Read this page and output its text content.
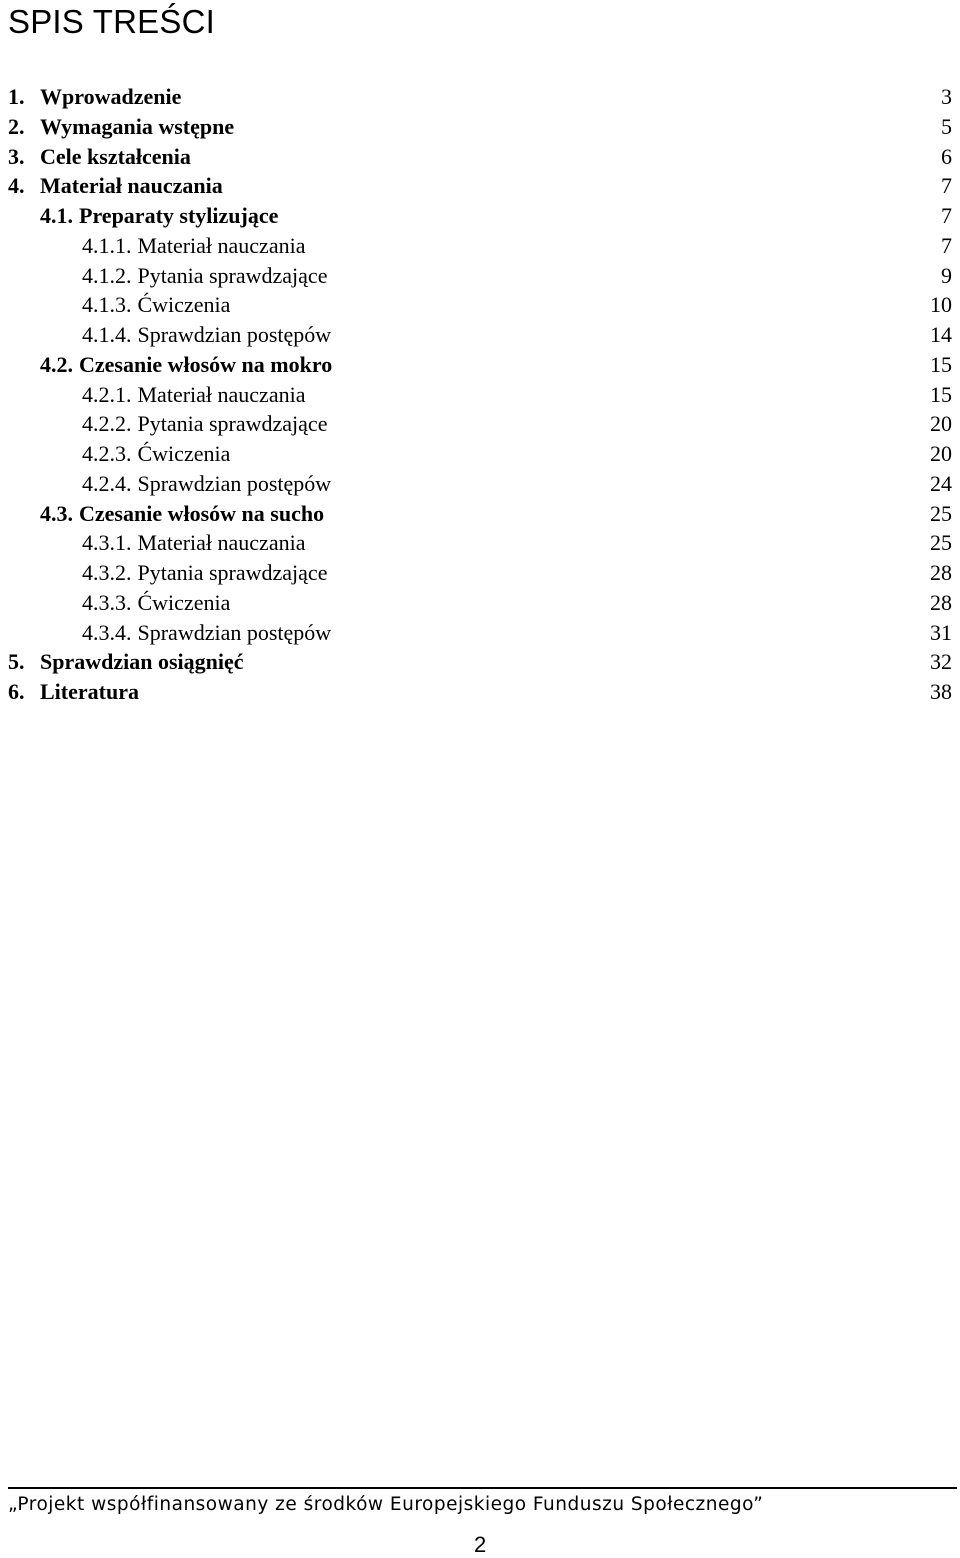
SPIS TREŚCI
1. Wprowadzenie	3
2. Wymagania wstępne	5
3. Cele kształcenia	6
4. Materiał nauczania	7
4.1. Preparaty stylizujące	7
4.1.1. Materiał nauczania	7
4.1.2. Pytania sprawdzające	9
4.1.3. Ćwiczenia	10
4.1.4. Sprawdzian postępów	14
4.2. Czesanie włosów na mokro	15
4.2.1. Materiał nauczania	15
4.2.2. Pytania sprawdzające	20
4.2.3. Ćwiczenia	20
4.2.4. Sprawdzian postępów	24
4.3. Czesanie włosów na sucho	25
4.3.1. Materiał nauczania	25
4.3.2. Pytania sprawdzające	28
4.3.3. Ćwiczenia	28
4.3.4. Sprawdzian postępów	31
5. Sprawdzian osiągnięć	32
6. Literatura	38
„Projekt współfinansowany ze środków Europejskiego Funduszu Społecznego”
2
